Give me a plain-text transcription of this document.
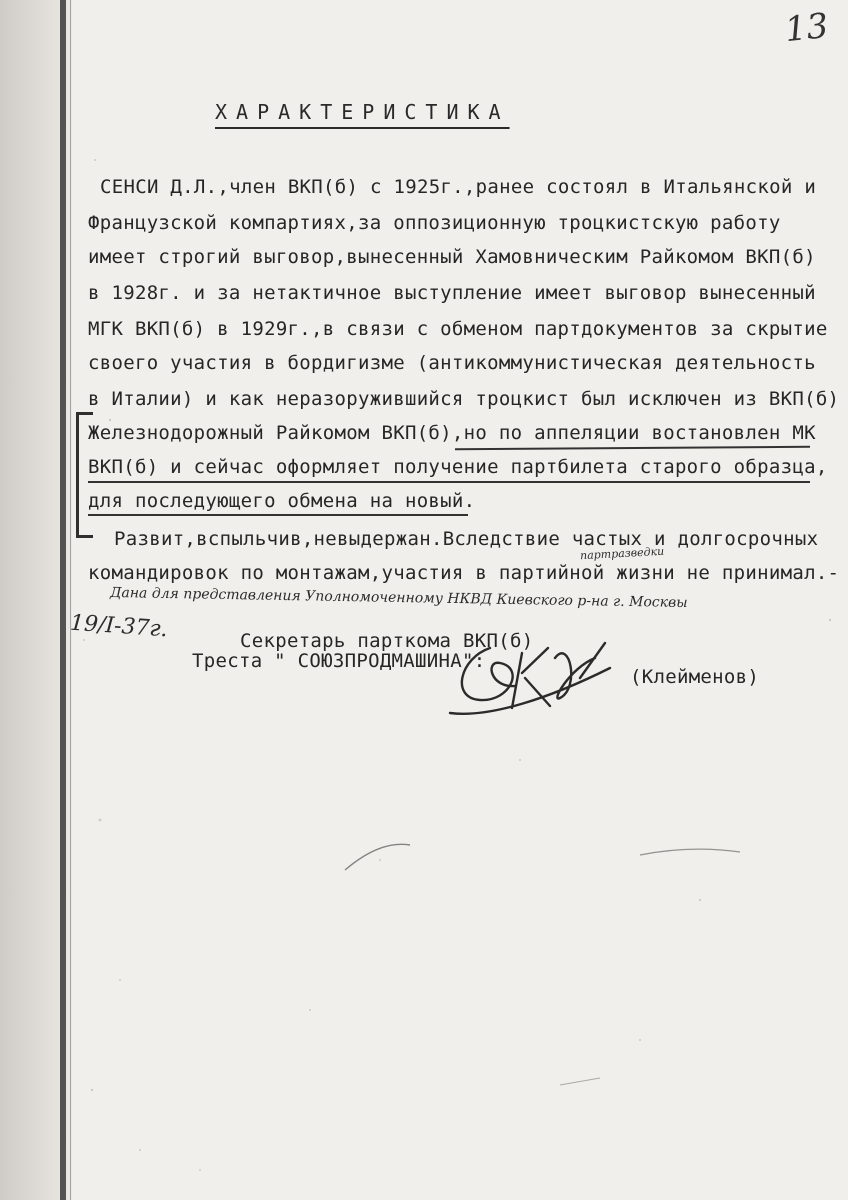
13
ХАРАКТЕРИСТИКА
СЕНСИ Д.Л.,член ВКП(б) с 1925г.,ранее состоял в Итальянской и
Французской компартиях,за оппозиционную троцкистскую работу
имеет строгий выговор,вынесенный Хамовническим Райкомом ВКП(б)
в 1928г. и за нетактичное выступление имеет выговор вынесенный
МГК ВКП(б) в 1929г.,в связи с обменом партдокументов за скрытие
своего участия в бордигизме (антикоммунистическая деятельность
в Италии) и как неразоружившийся троцкист был исключен из ВКП(б)
Железнодорожный Райкомом ВКП(б),но по аппеляции востановлен МК
ВКП(б) и сейчас оформляет получение партбилета старого образца,
для последующего обмена на новый.
Развит,вспыльчив,невыдержан.Вследствие частых и долгосрочных
командировок по монтажам,участия в партийной жизни не принимал.-
партразведки
Дана для представления Уполномоченному НКВД Киевского р-на г. Москвы
19/I-37г.	Секретарь парткома ВКП(б)
Треста " СОЮЗПРОДМАШИНА":
(Клейменов)
